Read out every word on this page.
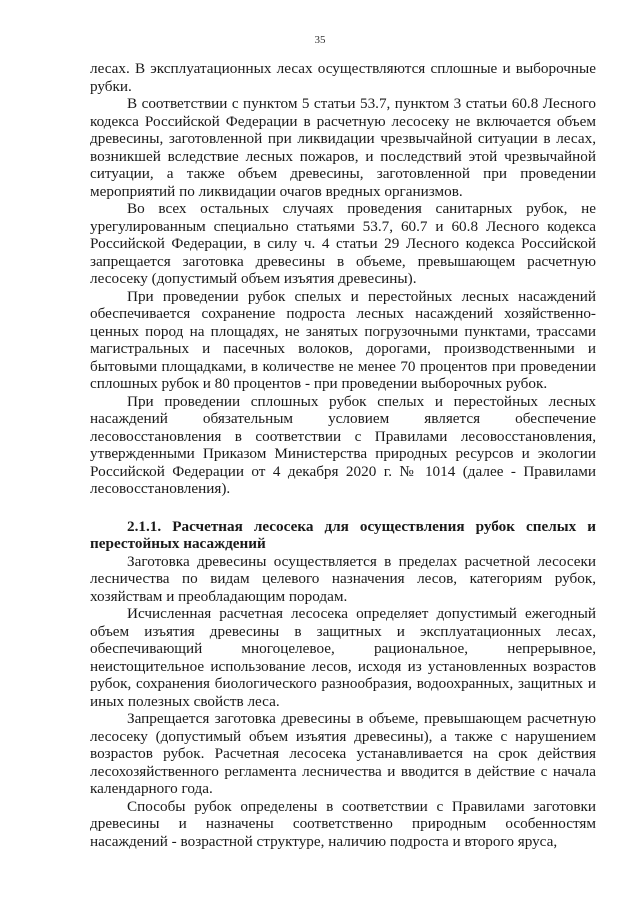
35

лесах. В эксплуатационных лесах осуществляются сплошные и выборочные рубки.

В соответствии с пунктом 5 статьи 53.7, пунктом 3 статьи 60.8 Лесного кодекса Российской Федерации в расчетную лесосеку не включается объем древесины, заготовленной при ликвидации чрезвычайной ситуации в лесах, возникшей вследствие лесных пожаров, и последствий этой чрезвычайной ситуации, а также объем древесины, заготовленной при проведении мероприятий по ликвидации очагов вредных организмов.

Во всех остальных случаях проведения санитарных рубок, не урегулированным специально статьями 53.7, 60.7 и 60.8 Лесного кодекса Российской Федерации, в силу ч. 4 статьи 29 Лесного кодекса Российской запрещается заготовка древесины в объеме, превышающем расчетную лесосеку (допустимый объем изъятия древесины).

При проведении рубок спелых и перестойных лесных насаждений обеспечивается сохранение подроста лесных насаждений хозяйственно-ценных пород на площадях, не занятых погрузочными пунктами, трассами магистральных и пасечных волоков, дорогами, производственными и бытовыми площадками, в количестве не менее 70 процентов при проведении сплошных рубок и 80 процентов - при проведении выборочных рубок.

При проведении сплошных рубок спелых и перестойных лесных насаждений обязательным условием является обеспечение лесовосстановления в соответствии с Правилами лесовосстановления, утвержденными Приказом Министерства природных ресурсов и экологии Российской Федерации от 4 декабря 2020 г. № 1014 (далее - Правилами лесовосстановления).

2.1.1. Расчетная лесосека для осуществления рубок спелых и перестойных насаждений

Заготовка древесины осуществляется в пределах расчетной лесосеки лесничества по видам целевого назначения лесов, категориям рубок, хозяйствам и преобладающим породам.

Исчисленная расчетная лесосека определяет допустимый ежегодный объем изъятия древесины в защитных и эксплуатационных лесах, обеспечивающий многоцелевое, рациональное, непрерывное, неистощительное использование лесов, исходя из установленных возрастов рубок, сохранения биологического разнообразия, водоохранных, защитных и иных полезных свойств леса.

Запрещается заготовка древесины в объеме, превышающем расчетную лесосеку (допустимый объем изъятия древесины), а также с нарушением возрастов рубок. Расчетная лесосека устанавливается на срок действия лесохозяйственного регламента лесничества и вводится в действие с начала календарного года.

Способы рубок определены в соответствии с Правилами заготовки древесины и назначены соответственно природным особенностям насаждений - возрастной структуре, наличию подроста и второго яруса,
